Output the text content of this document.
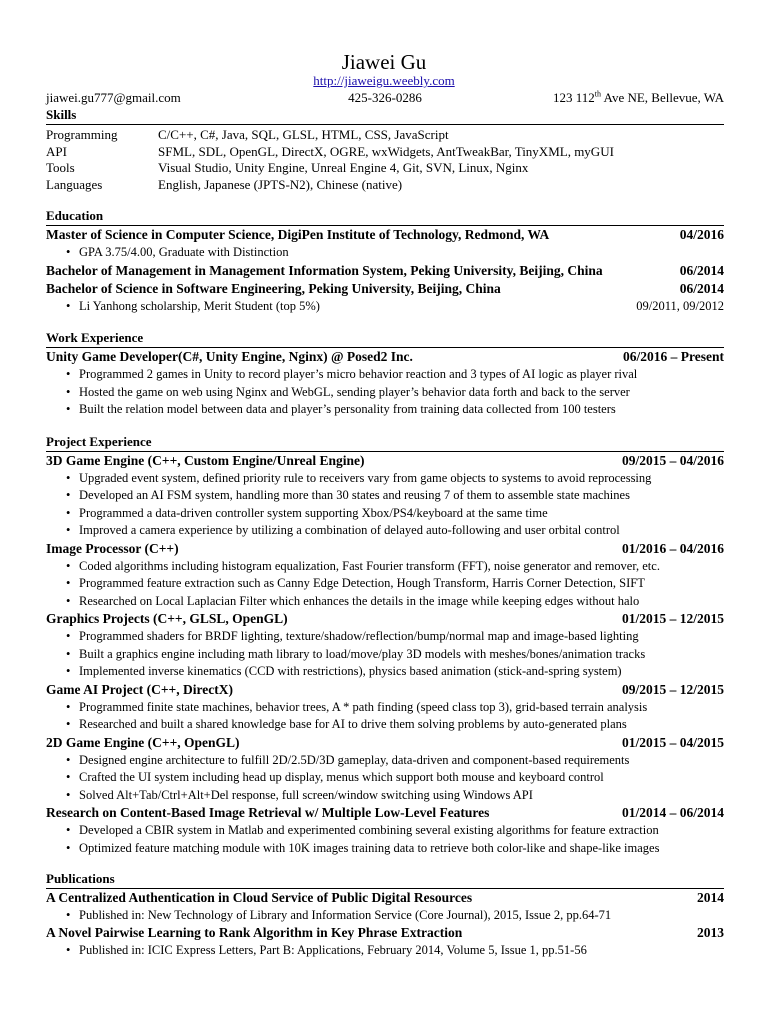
Jiawei Gu
http://jiaweigu.weebly.com
jiawei.gu777@gmail.com	425-326-0286	123 112th Ave NE, Bellevue, WA
Skills
Programming	C/C++, C#, Java, SQL, GLSL, HTML, CSS, JavaScript
API	SFML, SDL, OpenGL, DirectX, OGRE, wxWidgets, AntTweakBar, TinyXML, myGUI
Tools	Visual Studio, Unity Engine, Unreal Engine 4, Git, SVN, Linux, Nginx
Languages	English, Japanese (JPTS-N2), Chinese (native)
Education
Master of Science in Computer Science, DigiPen Institute of Technology, Redmond, WA	04/2016
• GPA 3.75/4.00, Graduate with Distinction
Bachelor of Management in Management Information System, Peking University, Beijing, China	06/2014
Bachelor of Science in Software Engineering, Peking University, Beijing, China	06/2014
• Li Yanhong scholarship, Merit Student (top 5%)	09/2011, 09/2012
Work Experience
Unity Game Developer(C#, Unity Engine, Nginx) @ Posed2 Inc.	06/2016 – Present
• Programmed 2 games in Unity to record player’s micro behavior reaction and 3 types of AI logic as player rival
• Hosted the game on web using Nginx and WebGL, sending player’s behavior data forth and back to the server
• Built the relation model between data and player’s personality from training data collected from 100 testers
Project Experience
3D Game Engine (C++, Custom Engine/Unreal Engine)	09/2015 – 04/2016
• Upgraded event system, defined priority rule to receivers vary from game objects to systems to avoid reprocessing
• Developed an AI FSM system, handling more than 30 states and reusing 7 of them to assemble state machines
• Programmed a data-driven controller system supporting Xbox/PS4/keyboard at the same time
• Improved a camera experience by utilizing a combination of delayed auto-following and user orbital control
Image Processor (C++)	01/2016 – 04/2016
• Coded algorithms including histogram equalization, Fast Fourier transform (FFT), noise generator and remover, etc.
• Programmed feature extraction such as Canny Edge Detection, Hough Transform, Harris Corner Detection, SIFT
• Researched on Local Laplacian Filter which enhances the details in the image while keeping edges without halo
Graphics Projects (C++, GLSL, OpenGL)	01/2015 – 12/2015
• Programmed shaders for BRDF lighting, texture/shadow/reflection/bump/normal map and image-based lighting
• Built a graphics engine including math library to load/move/play 3D models with meshes/bones/animation tracks
• Implemented inverse kinematics (CCD with restrictions), physics based animation (stick-and-spring system)
Game AI Project (C++, DirectX)	09/2015 – 12/2015
• Programmed finite state machines, behavior trees, A * path finding (speed class top 3), grid-based terrain analysis
• Researched and built a shared knowledge base for AI to drive them solving problems by auto-generated plans
2D Game Engine (C++, OpenGL)	01/2015 – 04/2015
• Designed engine architecture to fulfill 2D/2.5D/3D gameplay, data-driven and component-based requirements
• Crafted the UI system including head up display, menus which support both mouse and keyboard control
• Solved Alt+Tab/Ctrl+Alt+Del response, full screen/window switching using Windows API
Research on Content-Based Image Retrieval w/ Multiple Low-Level Features	01/2014 – 06/2014
• Developed a CBIR system in Matlab and experimented combining several existing algorithms for feature extraction
• Optimized feature matching module with 10K images training data to retrieve both color-like and shape-like images
Publications
A Centralized Authentication in Cloud Service of Public Digital Resources	2014
• Published in: New Technology of Library and Information Service (Core Journal), 2015, Issue 2, pp.64-71
A Novel Pairwise Learning to Rank Algorithm in Key Phrase Extraction	2013
• Published in: ICIC Express Letters, Part B: Applications, February 2014, Volume 5, Issue 1, pp.51-56
